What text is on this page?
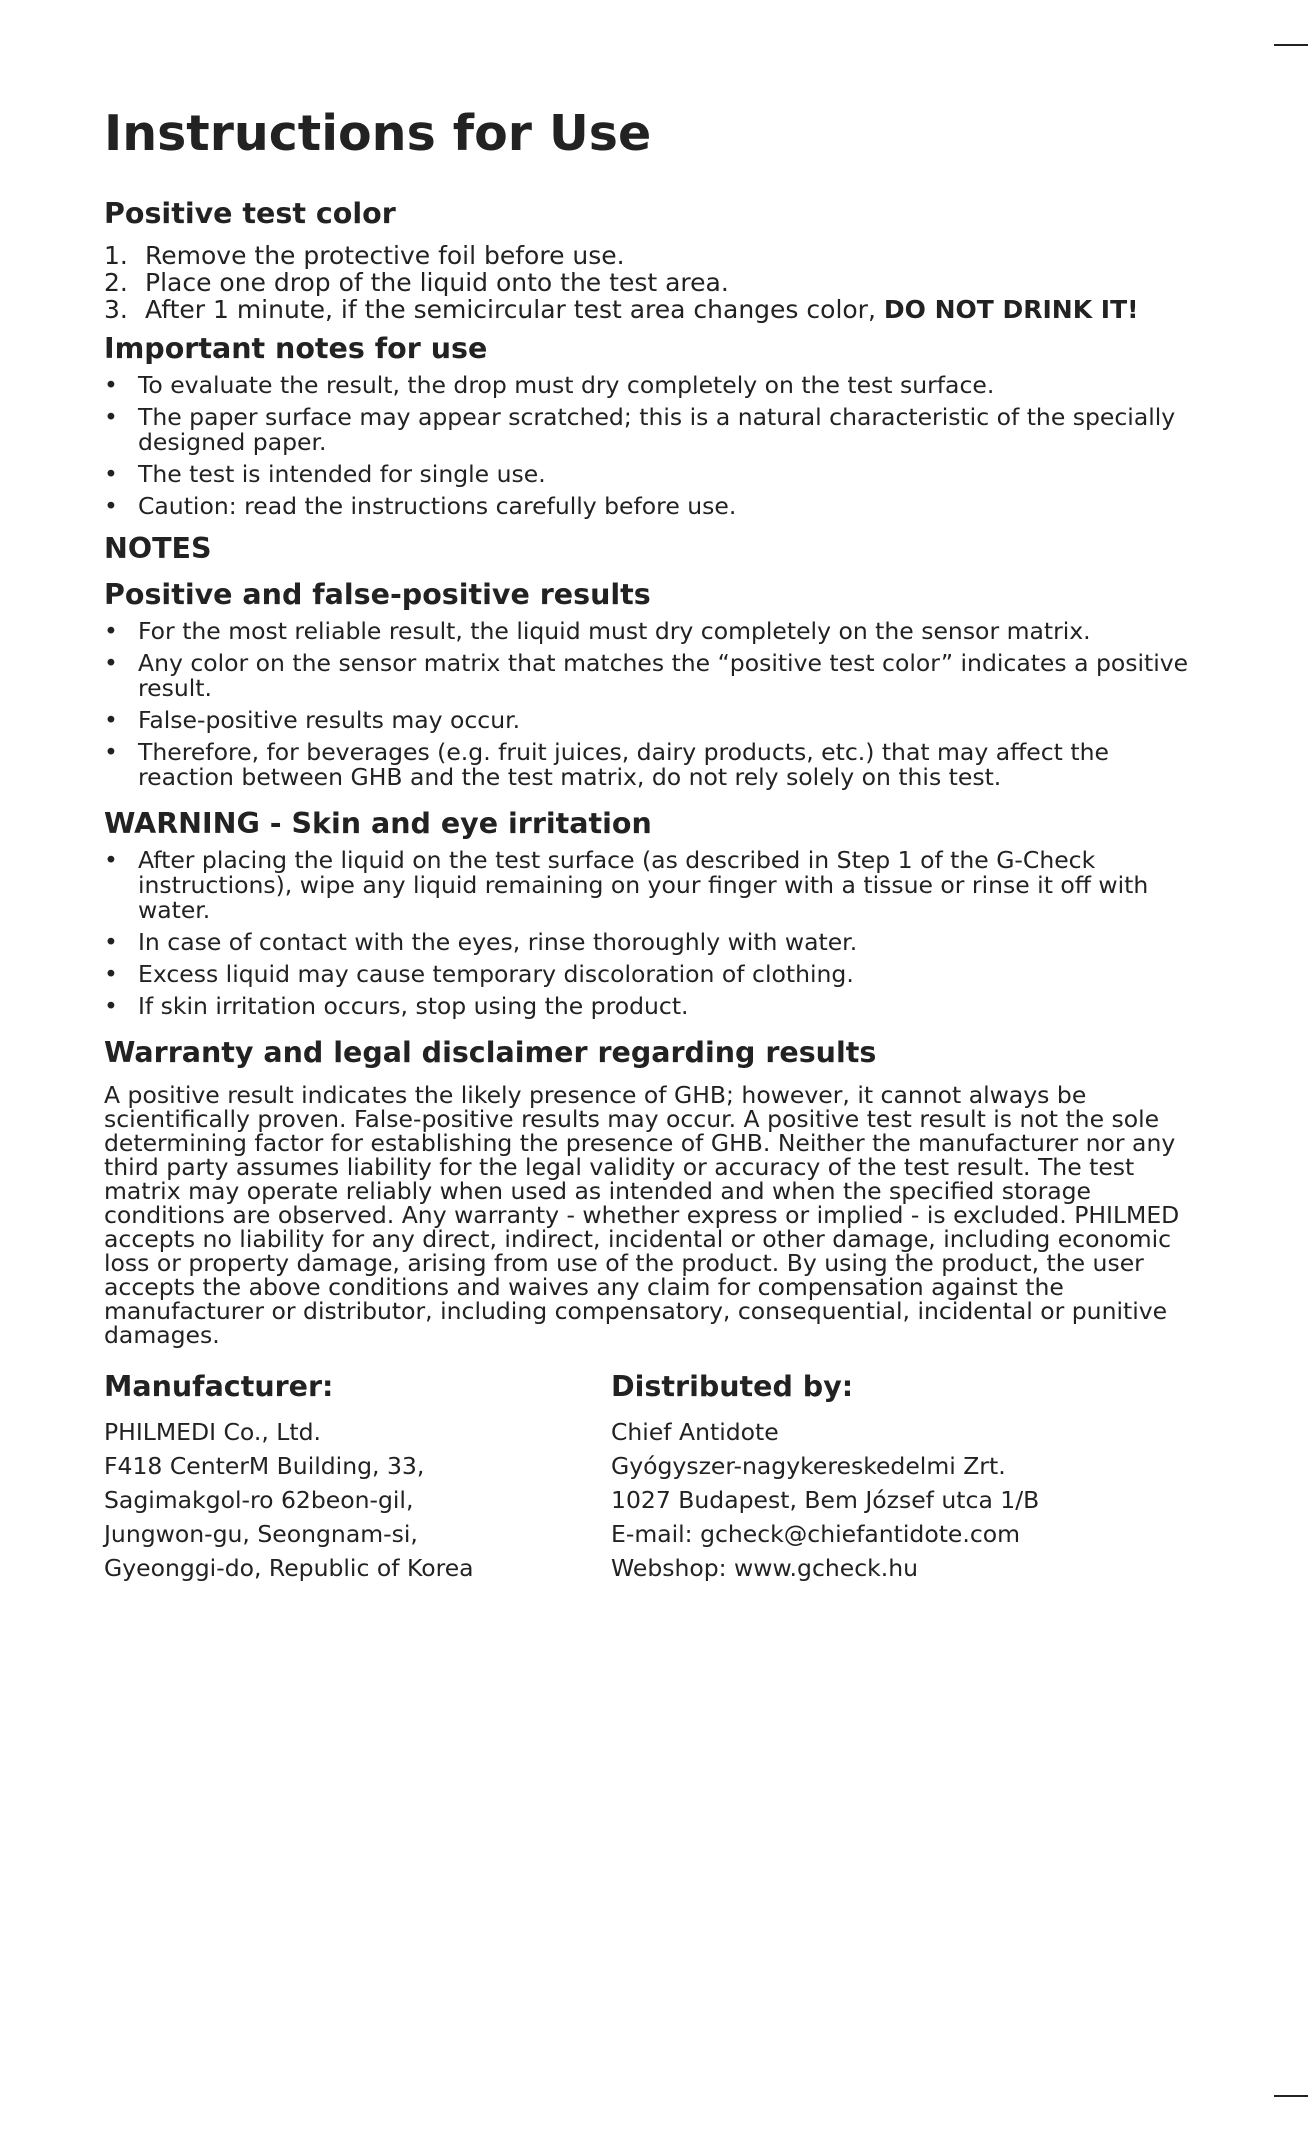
Instructions for Use
Positive test color
1. Remove the protective foil before use.
2. Place one drop of the liquid onto the test area.
3. After 1 minute, if the semicircular test area changes color, DO NOT DRINK IT!
Important notes for use
• To evaluate the result, the drop must dry completely on the test surface.
• The paper surface may appear scratched; this is a natural characteristic of the specially designed paper.
• The test is intended for single use.
• Caution: read the instructions carefully before use.
NOTES
Positive and false-positive results
• For the most reliable result, the liquid must dry completely on the sensor matrix.
• Any color on the sensor matrix that matches the “positive test color” indicates a positive result.
• False-positive results may occur.
• Therefore, for beverages (e.g. fruit juices, dairy products, etc.) that may affect the reaction between GHB and the test matrix, do not rely solely on this test.
WARNING - Skin and eye irritation
• After placing the liquid on the test surface (as described in Step 1 of the G-Check instructions), wipe any liquid remaining on your finger with a tissue or rinse it off with water.
• In case of contact with the eyes, rinse thoroughly with water.
• Excess liquid may cause temporary discoloration of clothing.
• If skin irritation occurs, stop using the product.
Warranty and legal disclaimer regarding results

A positive result indicates the likely presence of GHB; however, it cannot always be scientifically proven. False-positive results may occur. A positive test result is not the sole determining factor for establishing the presence of GHB. Neither the manufacturer nor any third party assumes liability for the legal validity or accuracy of the test result. The test matrix may operate reliably when used as intended and when the specified storage conditions are observed. Any warranty - whether express or implied - is excluded. PHILMED accepts no liability for any direct, indirect, incidental or other damage, including economic loss or property damage, arising from use of the product. By using the product, the user accepts the above conditions and waives any claim for compensation against the manufacturer or distributor, including compensatory, consequential, incidental or punitive damages.

Manufacturer:
PHILMEDI Co., Ltd.
F418 CenterM Building, 33,
Sagimakgol-ro 62beon-gil,
Jungwon-gu, Seongnam-si,
Gyeonggi-do, Republic of Korea
Distributed by:
Chief Antidote
Gyógyszer-nagykereskedelmi Zrt.
1027 Budapest, Bem József utca 1/B
E-mail: gcheck@chiefantidote.com
Webshop: www.gcheck.hu
